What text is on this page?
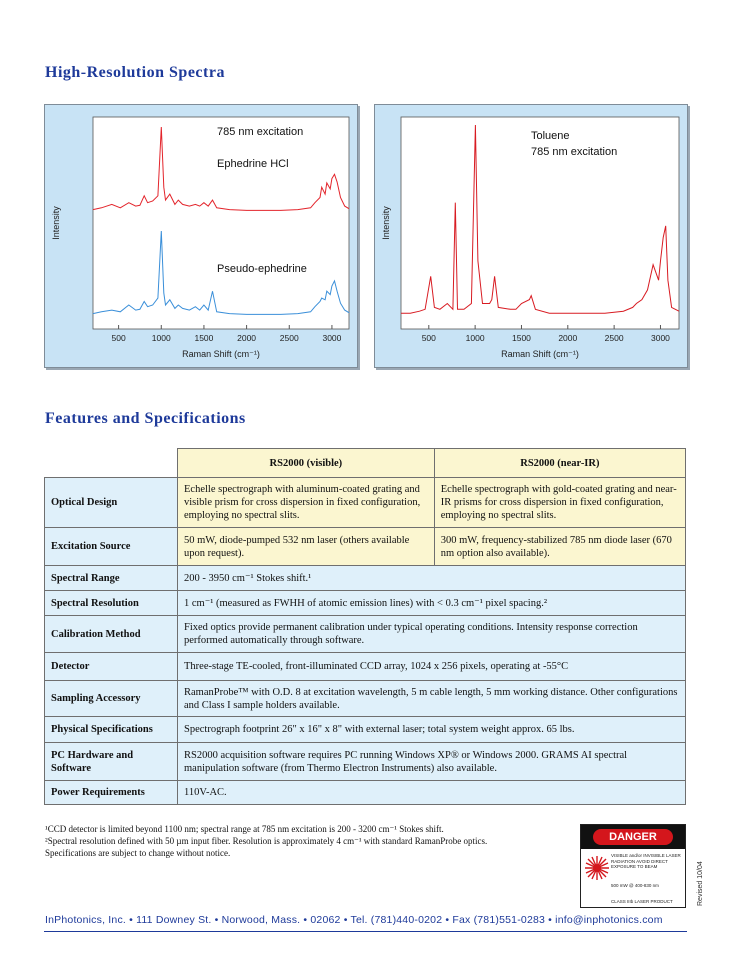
High-Resolution Spectra
500	1000	1500	2000	2500	3000
Intensity
Raman Shift (cm⁻¹)
785 nm excitation
Ephedrine HCl
Pseudo-ephedrine
500	1000	1500	2000	2500	3000
Intensity
Raman Shift (cm⁻¹)
Toluene
785 nm excitation
Features and Specifications
	RS2000 (visible)	RS2000 (near-IR)
Optical Design	Echelle spectrograph with aluminum-coated grating and visible prism for cross dispersion in fixed configuration, employing no spectral slits.	Echelle spectrograph with gold-coated grating and near-IR prisms for cross dispersion in fixed configuration, employing no spectral slits.
Excitation Source	50 mW, diode-pumped 532 nm laser (others available upon request).	300 mW, frequency-stabilized 785 nm diode laser (670 nm option also available).
Spectral Range	200 - 3950 cm⁻¹ Stokes shift.¹	
Spectral Resolution	1 cm⁻¹ (measured as FWHH of atomic emission lines) with < 0.3 cm⁻¹ pixel spacing.²	
Calibration Method	Fixed optics provide permanent calibration under typical operating conditions. Intensity response correction performed automatically through software.	
Detector	Three-stage TE-cooled, front-illuminated CCD array, 1024 x 256 pixels, operating at -55°C	
Sampling Accessory	RamanProbe™ with O.D. 8 at excitation wavelength, 5 m cable length, 5 mm working distance. Other configurations and Class I sample holders available.	
Physical Specifications	Spectrograph footprint 26" x 16" x 8" with external laser; total system weight approx. 65 lbs.	
PC Hardware and Software	RS2000 acquisition software requires PC running Windows XP® or Windows 2000. GRAMS AI spectral manipulation software (from Thermo Electron Instruments) also available.	
Power Requirements	110V-AC.	

¹CCD detector is limited beyond 1100 nm; spectral range at 785 nm excitation is 200 - 3200 cm⁻¹ Stokes shift.

²Spectral resolution defined with 50 µm input fiber. Resolution is approximately 4 cm⁻¹ with standard RamanProbe optics.

Specifications are subject to change without notice.

DANGER
VISIBLE and/or INVISIBLE LASER RADIATION AVOID DIRECT EXPOSURE TO BEAM
500 mW @ 400-830 nm
CLASS IIIb LASER PRODUCT	Revised 10/04
InPhotonics, Inc. • 111 Downey St. • Norwood, Mass. • 02062 • Tel. (781)440-0202 • Fax (781)551-0283 • info@inphotonics.com
